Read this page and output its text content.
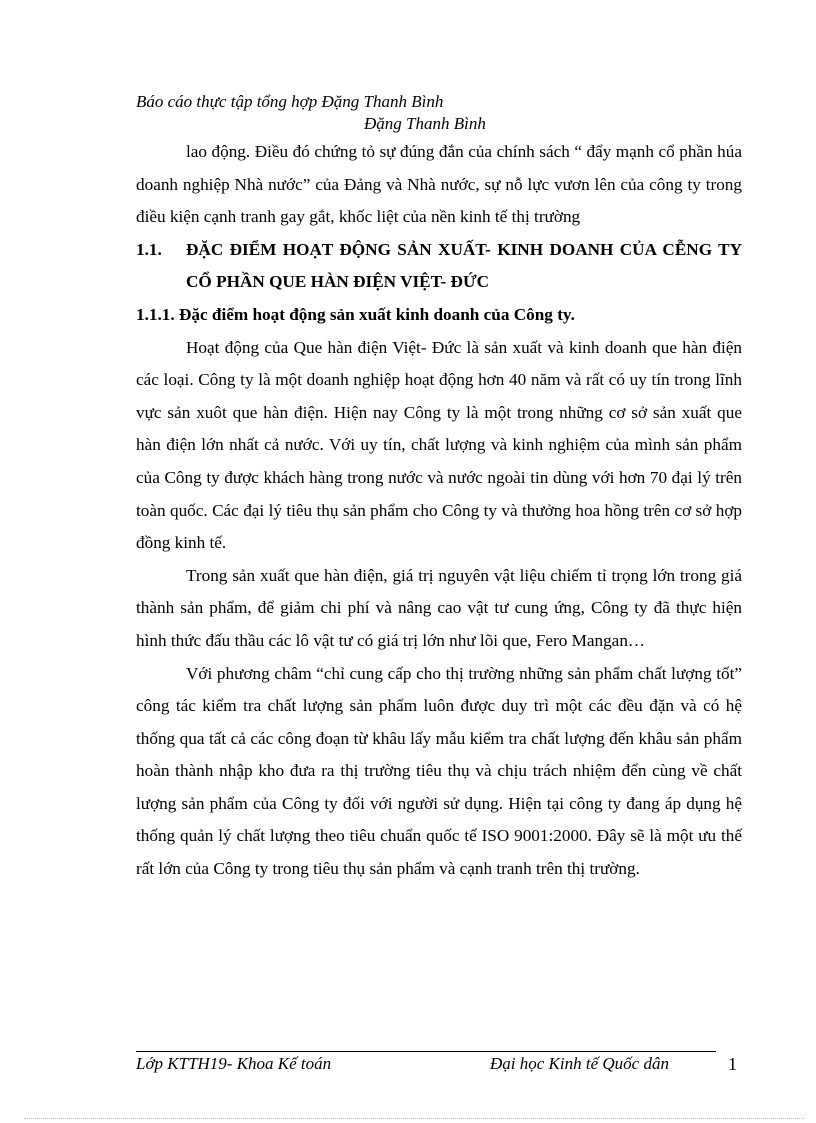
Báo cáo thực tập tổng hợp Đặng Thanh Bình
Đặng Thanh Bình

lao động. Điều đó chứng tỏ sự đúng đắn của chính sách “ đẩy mạnh cổ phần húa doanh nghiệp Nhà nước” của Đảng và Nhà nước, sự nỗ lực vươn lên của công ty trong điều kiện cạnh tranh gay gắt, khốc liệt của nền kinh tế thị trường

1.1.	ĐẶC ĐIỂM HOẠT ĐỘNG SẢN XUẤT- KINH DOANH CỦA CỄNG TY CỔ PHẦN QUE HÀN ĐIỆN VIỆT- ĐỨC

1.1.1. Đặc điểm hoạt động sản xuất kinh doanh của Công ty.

Hoạt động của Que hàn điện Việt- Đức là sản xuất và kinh doanh que hàn điện các loại. Công ty là một doanh nghiệp hoạt động hơn 40 năm và rất có uy tín trong lĩnh vực sản xuôt que hàn điện. Hiện nay Công ty là một trong những cơ sở sản xuất que hàn điện lớn nhất cả nước. Với uy tín, chất lượng và kinh nghiệm của mình sản phẩm của Công ty được khách hàng trong nước và nước ngoài tin dùng với hơn 70 đại lý trên toàn quốc. Các đại lý tiêu thụ sản phẩm cho Công ty và thưởng hoa hồng trên cơ sở hợp đồng kinh tế.

Trong sản xuất que hàn điện, giá trị nguyên vật liệu chiếm tỉ trọng lớn trong giá thành sản phẩm, để giảm chi phí và nâng cao vật tư cung ứng, Công ty đã thực hiện hình thức đấu thầu các lô vật tư có giá trị lớn như lõi que, Fero Mangan…

Với phương châm “chỉ cung cấp cho thị trường những sản phẩm chất lượng tốt” công tác kiểm tra chất lượng sản phẩm luôn được duy trì một các đều đặn và có hệ thống qua tất cả các công đoạn từ khâu lấy mẫu kiểm tra chất lượng đến khâu sản phẩm hoàn thành nhập kho đưa ra thị trường tiêu thụ và chịu trách nhiệm đến cùng về chất lượng sản phẩm của Công ty đối với người sử dụng. Hiện tại công ty đang áp dụng hệ thống quản lý chất lượng theo tiêu chuẩn quốc tế ISO 9001:2000. Đây sẽ là một ưu thế rất lớn của Công ty trong tiêu thụ sản phẩm và cạnh tranh trên thị trường.

Lớp KTTH19- Khoa Kế toán	Đại học Kinh tế Quốc dân	1
